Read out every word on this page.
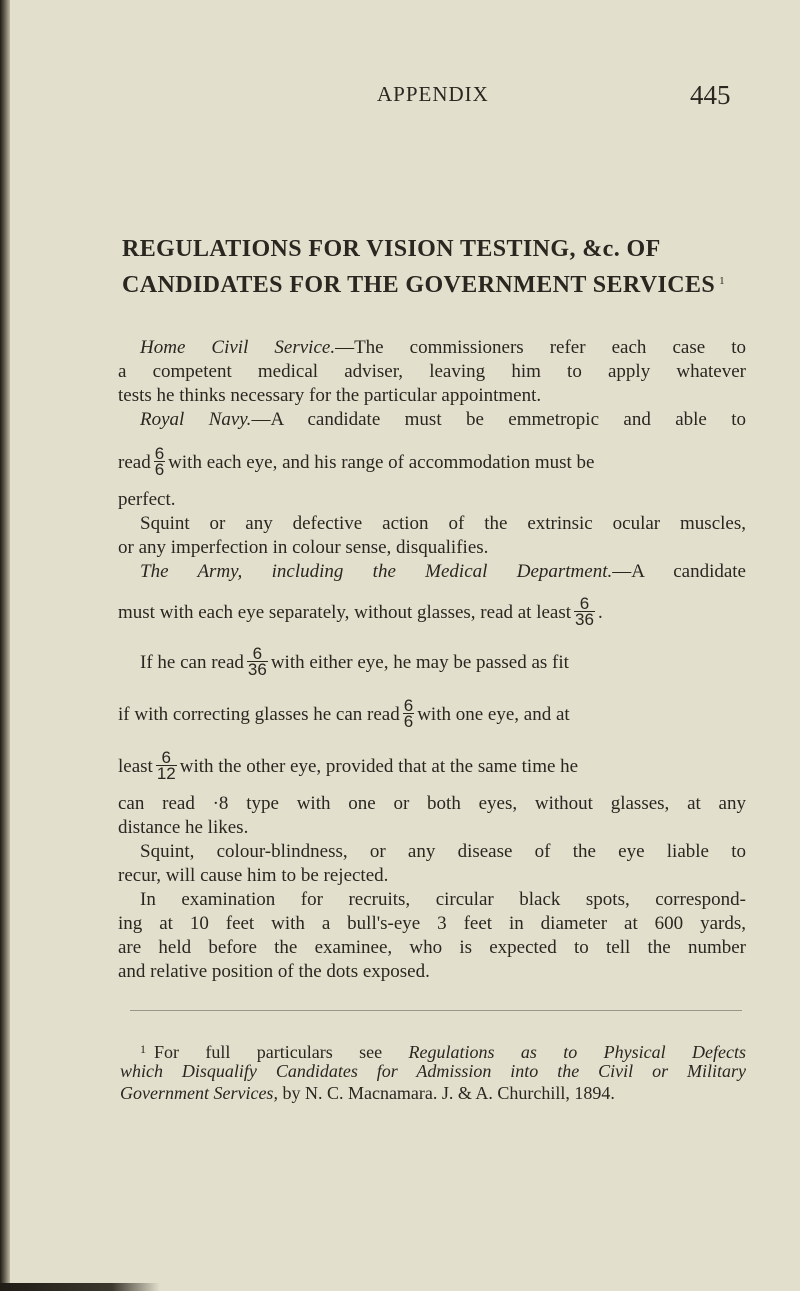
APPENDIX	445
REGULATIONS FOR VISION TESTING, &c. OF
CANDIDATES FOR THE GOVERNMENT SERVICES $^1$
Home Civil Service.—The commissioners refer each case to
a competent medical adviser, leaving him to apply whatever
tests he thinks necessary for the particular appointment.
Royal Navy.—A candidate must be emmetropic and able to
read $\frac{6}{6}$ with each eye, and his range of accommodation must be
perfect.
Squint or any defective action of the extrinsic ocular muscles,
or any imperfection in colour sense, disqualifies.
The Army, including the Medical Department.—A candidate
must with each eye separately, without glasses, read at least $\frac{6}{36}$ .
If he can read $\frac{6}{36}$ with either eye, he may be passed as fit
if with correcting glasses he can read $\frac{6}{6}$ with one eye, and at
least $\frac{6}{12}$ with the other eye, provided that at the same time he
can read ·8 type with one or both eyes, without glasses, at any
distance he likes.
Squint, colour-blindness, or any disease of the eye liable to
recur, will cause him to be rejected.
In examination for recruits, circular black spots, correspond-
ing at 10 feet with a bull's-eye 3 feet in diameter at 600 yards,
are held before the examinee, who is expected to tell the number
and relative position of the dots exposed.
$^1$ For full particulars see Regulations as to Physical Defects
which Disqualify Candidates for Admission into the Civil or Military
Government Services, by N. C. Macnamara. J. & A. Churchill, 1894.
